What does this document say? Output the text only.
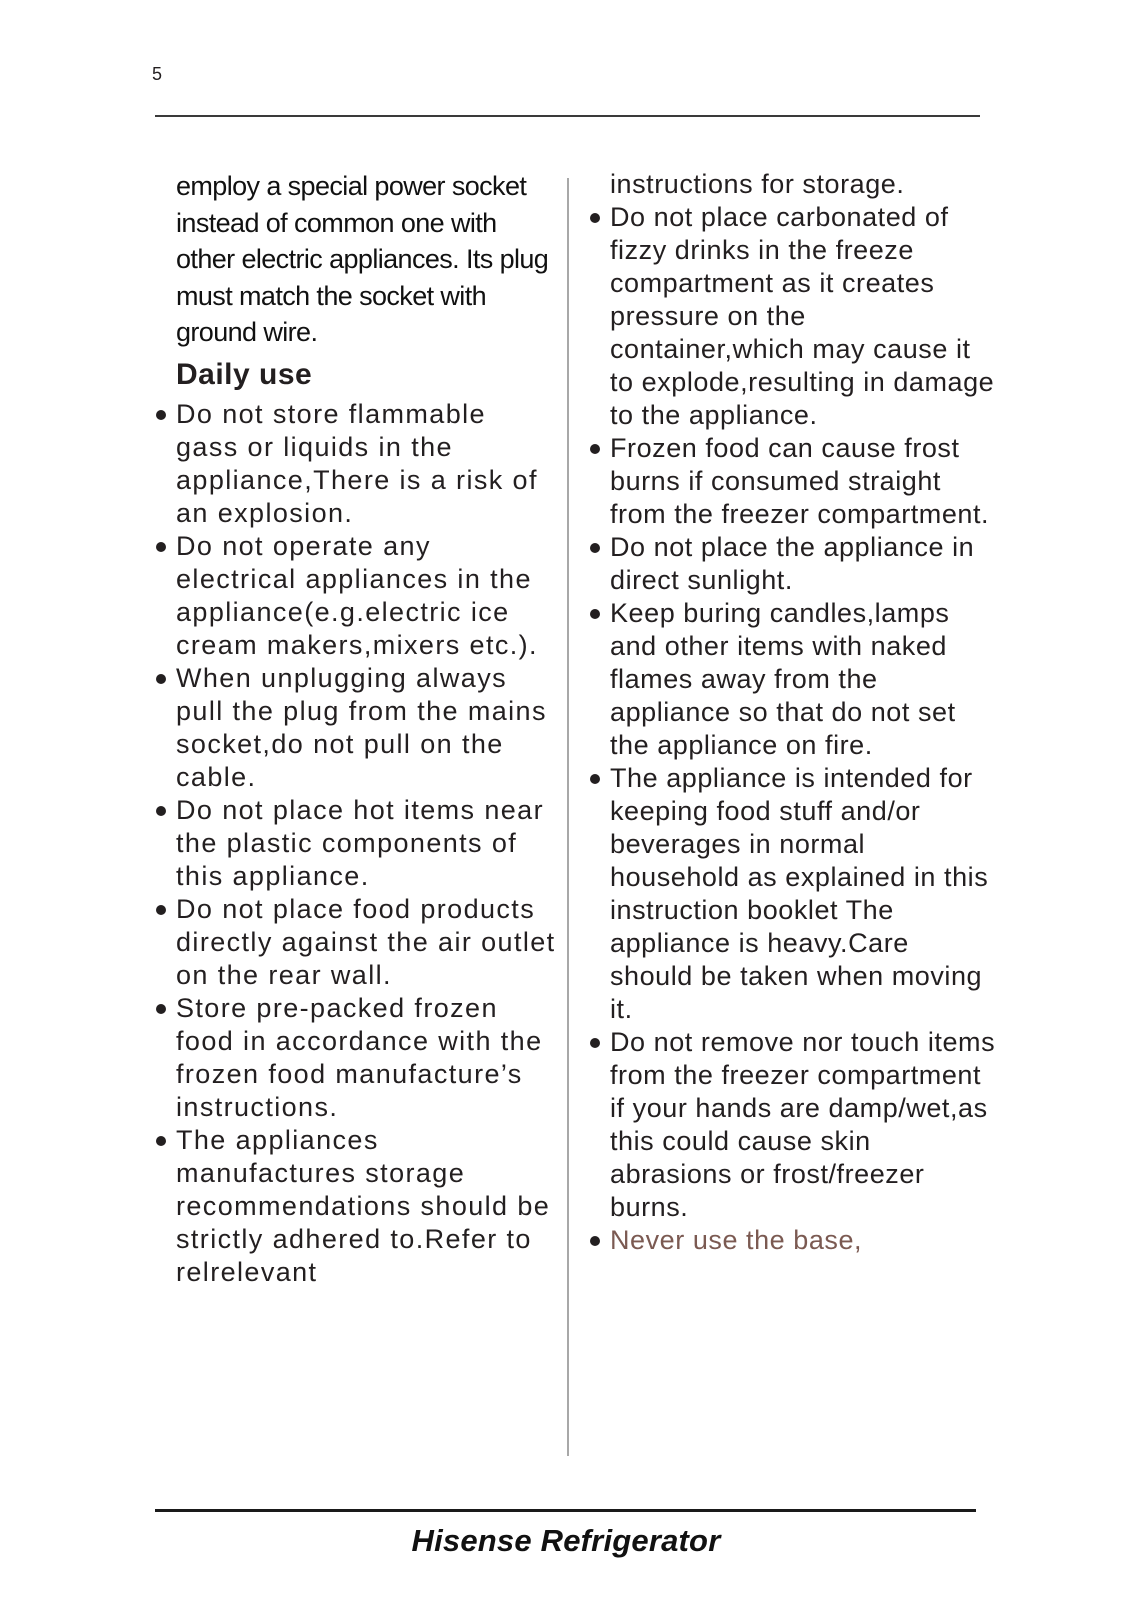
5

employ a special power socket instead of common one with other electric appliances. Its plug must match the socket with ground wire.

Daily use
Do not store flammable gass or liquids in the appliance,There is a risk of an explosion.
Do not operate any electrical appliances in the appliance(e.g.electric ice cream makers,mixers etc.).
When unplugging always pull the plug from the mains socket,do not pull on the cable.
Do not place hot items near the plastic components of this appliance.
Do not place food products directly against the air outlet on the rear wall.
Store pre-packed frozen food in accordance with the frozen food manufacture’s instructions.
The appliances manufactures storage recommendations should be strictly adhered to.Refer to relrelevant

instructions for storage.

Do not place carbonated of fizzy drinks in the freeze compartment as it creates pressure on the container,which may cause it to explode,resulting in damage to the appliance.
Frozen food can cause frost burns if consumed straight from the freezer compartment.
Do not place the appliance in direct sunlight.
Keep buring candles,lamps and other items with naked flames away from the appliance so that do not set the appliance on fire.
The appliance is intended for keeping food stuff and/or beverages in normal household as explained in this instruction booklet The appliance is heavy.Care should be taken when moving it.
Do not remove nor touch items from the freezer compartment if your hands are damp/wet,as this could cause skin abrasions or frost/freezer burns.
Never use the base,
Hisense Refrigerator
